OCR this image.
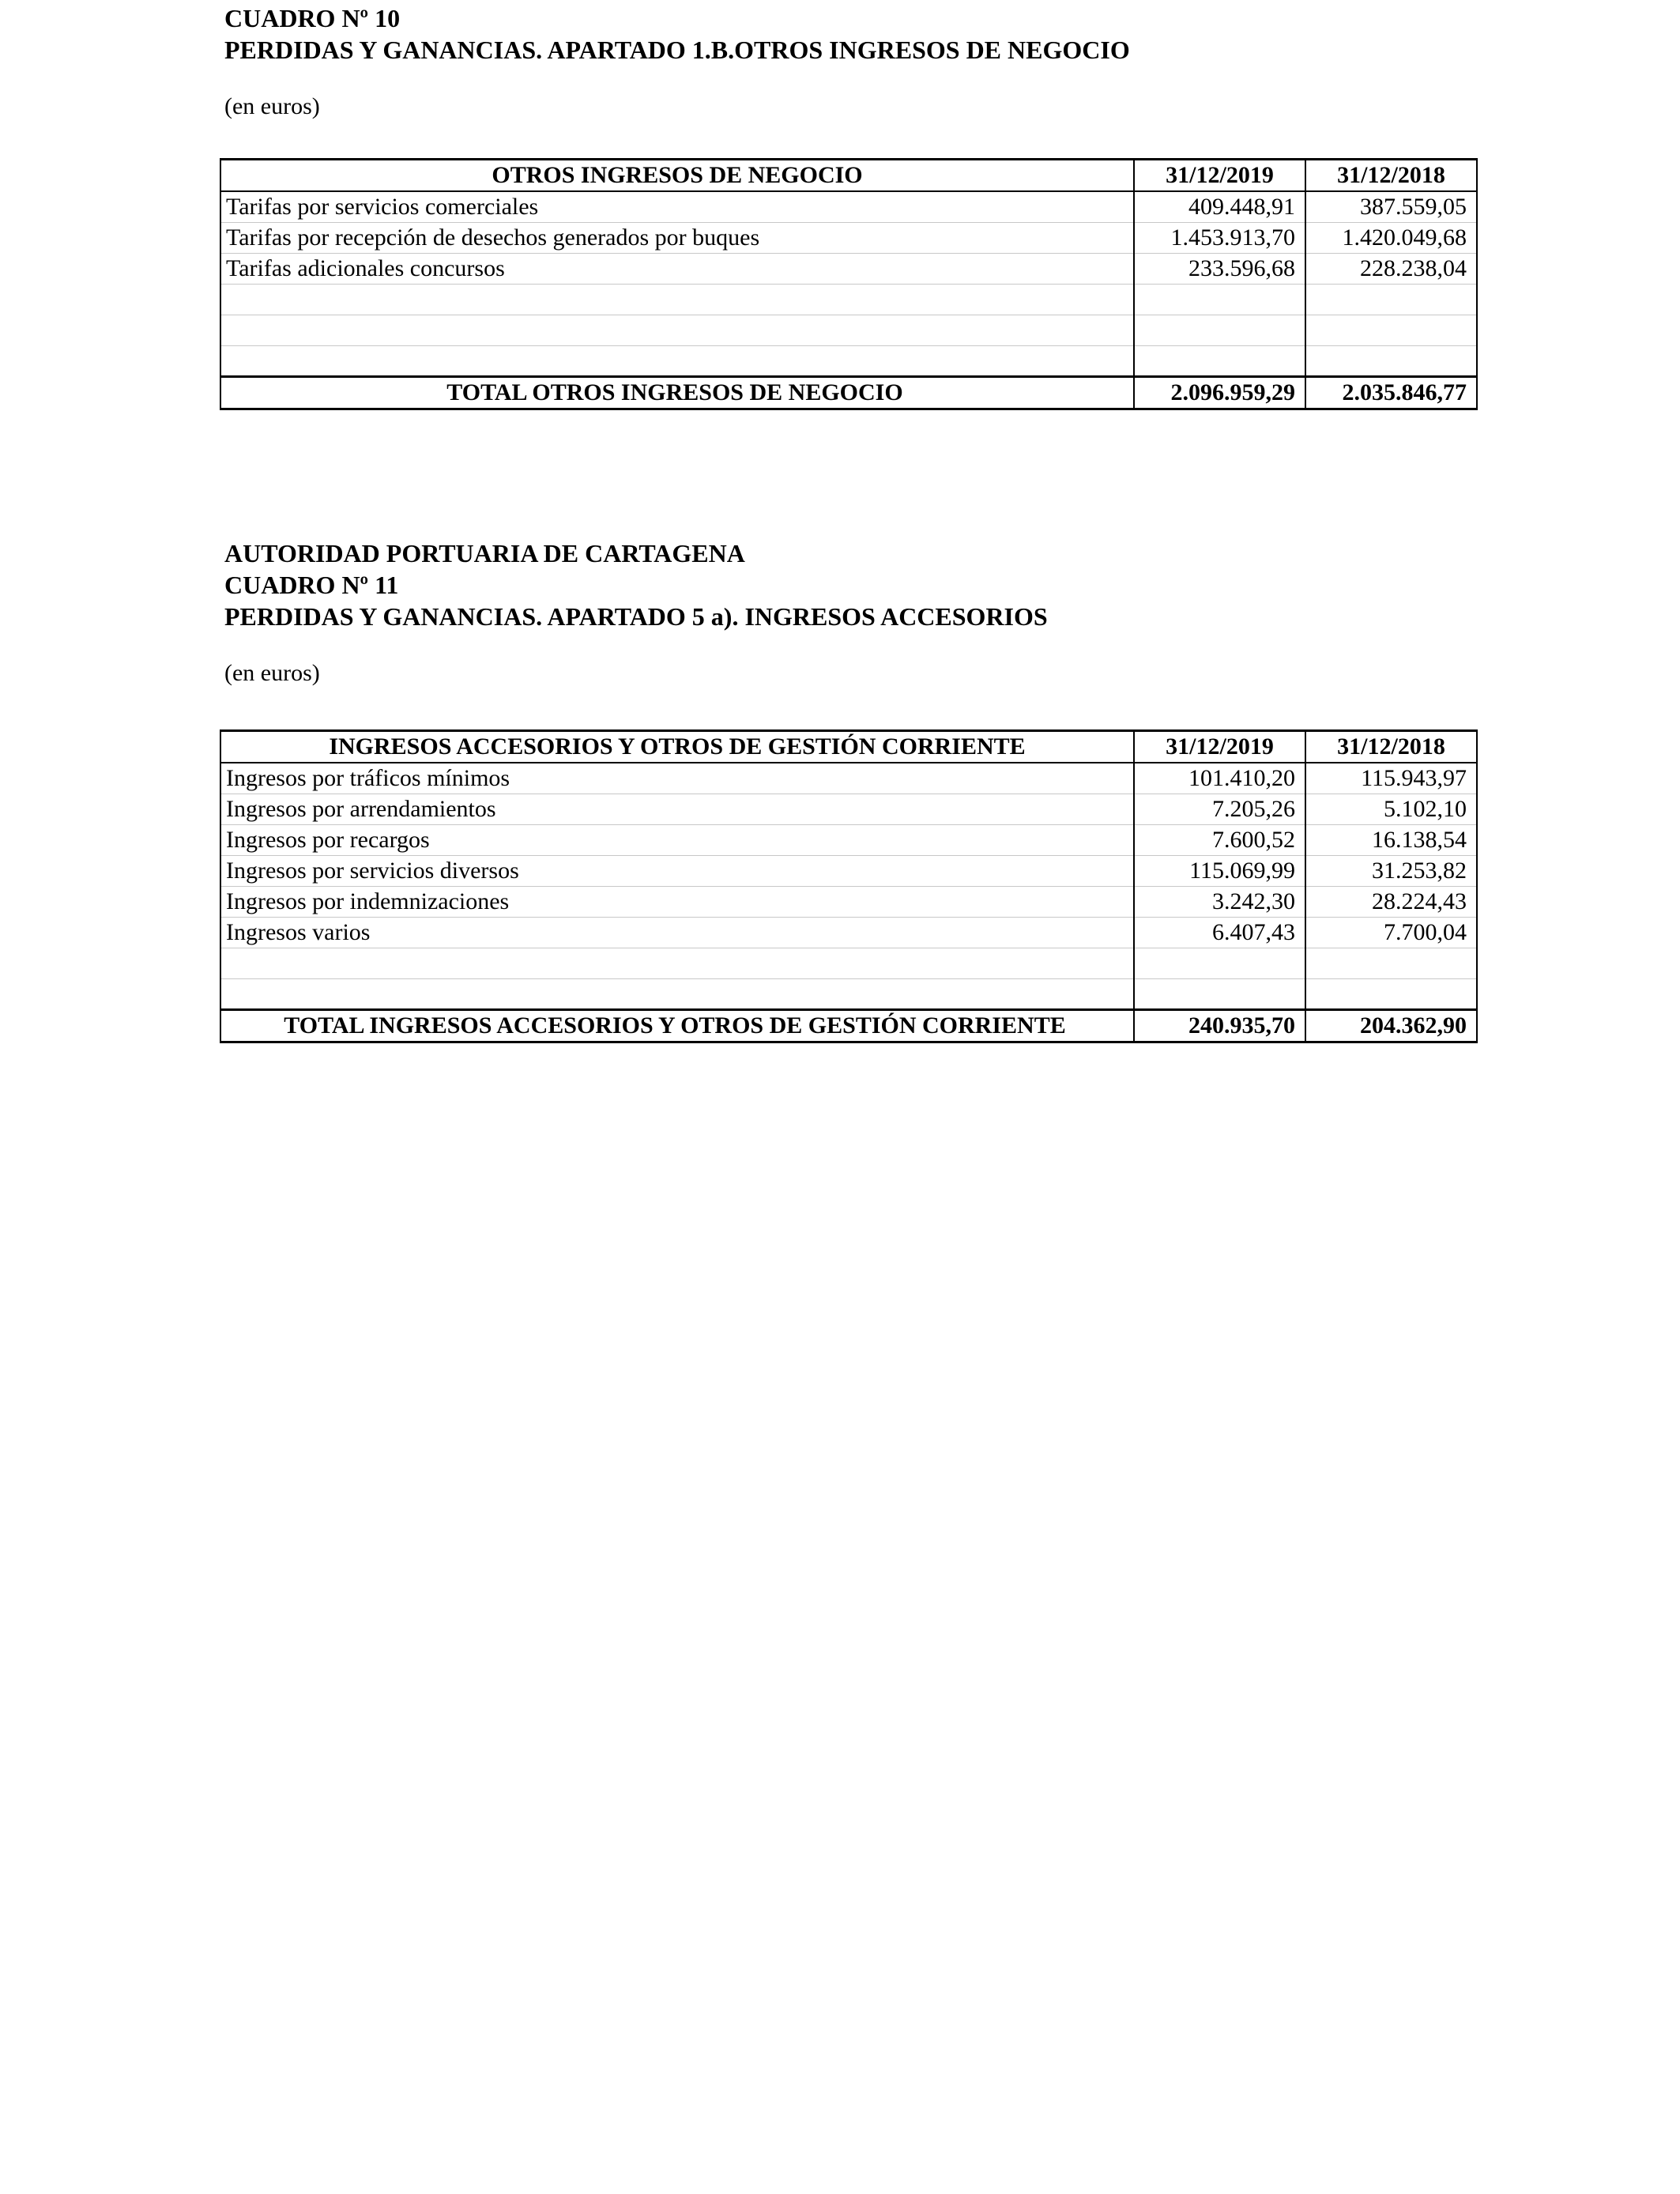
CUADRO Nº 10
PERDIDAS Y GANANCIAS. APARTADO 1.B.OTROS INGRESOS DE NEGOCIO
(en euros)
OTROS INGRESOS DE NEGOCIO	31/12/2019	31/12/2018
Tarifas por servicios comerciales	409.448,91	387.559,05
Tarifas por recepción de desechos generados por buques	1.453.913,70	1.420.049,68
Tarifas adicionales concursos	233.596,68	228.238,04

TOTAL OTROS INGRESOS DE NEGOCIO	2.096.959,29	2.035.846,77
AUTORIDAD PORTUARIA DE CARTAGENA
CUADRO Nº 11
PERDIDAS Y GANANCIAS. APARTADO 5 a). INGRESOS ACCESORIOS
(en euros)
INGRESOS ACCESORIOS Y OTROS DE GESTIÓN CORRIENTE	31/12/2019	31/12/2018
Ingresos por tráficos mínimos	101.410,20	115.943,97
Ingresos por arrendamientos	7.205,26	5.102,10
Ingresos por recargos	7.600,52	16.138,54
Ingresos por servicios diversos	115.069,99	31.253,82
Ingresos por indemnizaciones	3.242,30	28.224,43
Ingresos varios	6.407,43	7.700,04

TOTAL INGRESOS ACCESORIOS Y OTROS DE GESTIÓN CORRIENTE	240.935,70	204.362,90
